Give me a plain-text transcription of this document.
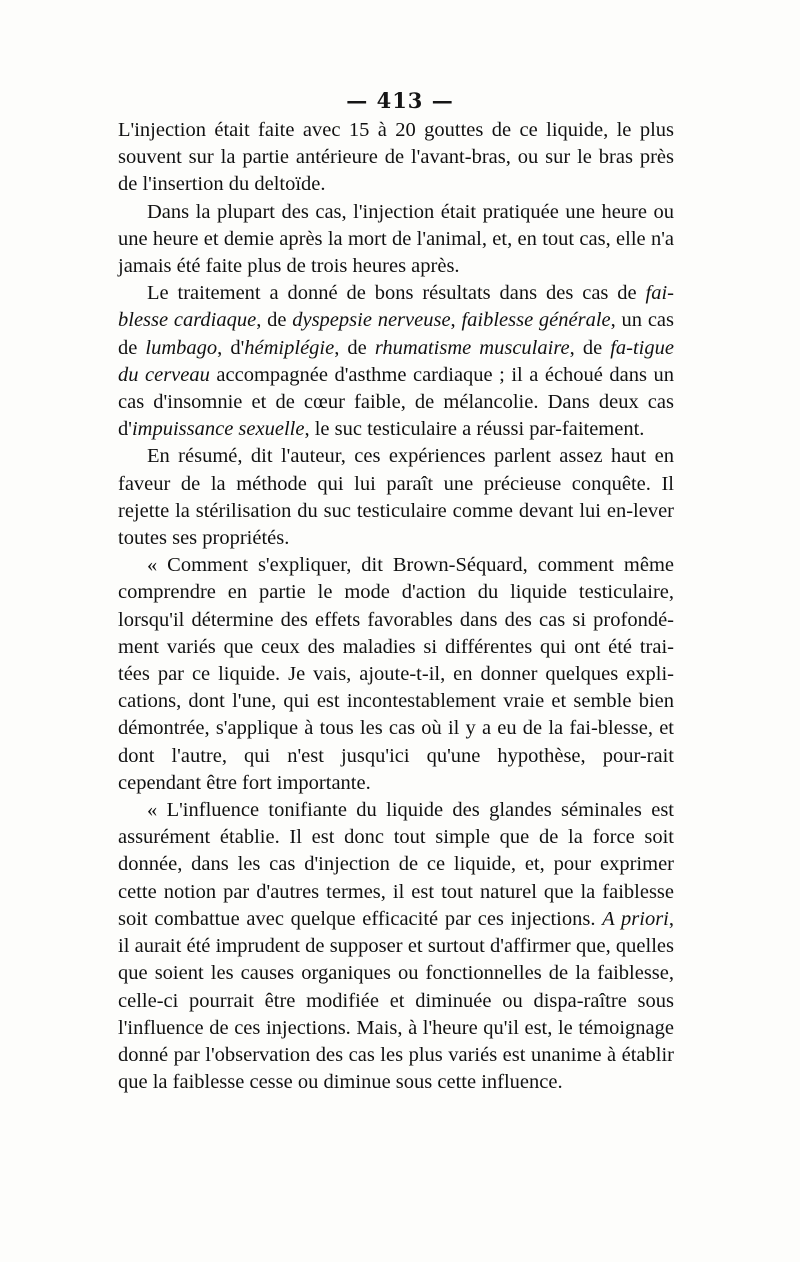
— 413 —

L'injection était faite avec 15 à 20 gouttes de ce liquide, le plus souvent sur la partie antérieure de l'avant-bras, ou sur le bras près de l'insertion du deltoïde.

Dans la plupart des cas, l'injection était pratiquée une heure ou une heure et demie après la mort de l'animal, et, en tout cas, elle n'a jamais été faite plus de trois heures après.

Le traitement a donné de bons résultats dans des cas de fai-blesse cardiaque, de dyspepsie nerveuse, faiblesse générale, un cas de lumbago, d'hémiplégie, de rhumatisme musculaire, de fa-tigue du cerveau accompagnée d'asthme cardiaque ; il a échoué dans un cas d'insomnie et de cœur faible, de mélancolie. Dans deux cas d'impuissance sexuelle, le suc testiculaire a réussi par-faitement.

En résumé, dit l'auteur, ces expériences parlent assez haut en faveur de la méthode qui lui paraît une précieuse conquête. Il rejette la stérilisation du suc testiculaire comme devant lui en-lever toutes ses propriétés.

« Comment s'expliquer, dit Brown-Séquard, comment même comprendre en partie le mode d'action du liquide testiculaire, lorsqu'il détermine des effets favorables dans des cas si profondé-ment variés que ceux des maladies si différentes qui ont été trai-tées par ce liquide. Je vais, ajoute-t-il, en donner quelques expli-cations, dont l'une, qui est incontestablement vraie et semble bien démontrée, s'applique à tous les cas où il y a eu de la fai-blesse, et dont l'autre, qui n'est jusqu'ici qu'une hypothèse, pour-rait cependant être fort importante.

« L'influence tonifiante du liquide des glandes séminales est assurément établie. Il est donc tout simple que de la force soit donnée, dans les cas d'injection de ce liquide, et, pour exprimer cette notion par d'autres termes, il est tout naturel que la faiblesse soit combattue avec quelque efficacité par ces injections. A priori, il aurait été imprudent de supposer et surtout d'affirmer que, quelles que soient les causes organiques ou fonctionnelles de la faiblesse, celle-ci pourrait être modifiée et diminuée ou dispa-raître sous l'influence de ces injections. Mais, à l'heure qu'il est, le témoignage donné par l'observation des cas les plus variés est unanime à établir que la faiblesse cesse ou diminue sous cette influence.
